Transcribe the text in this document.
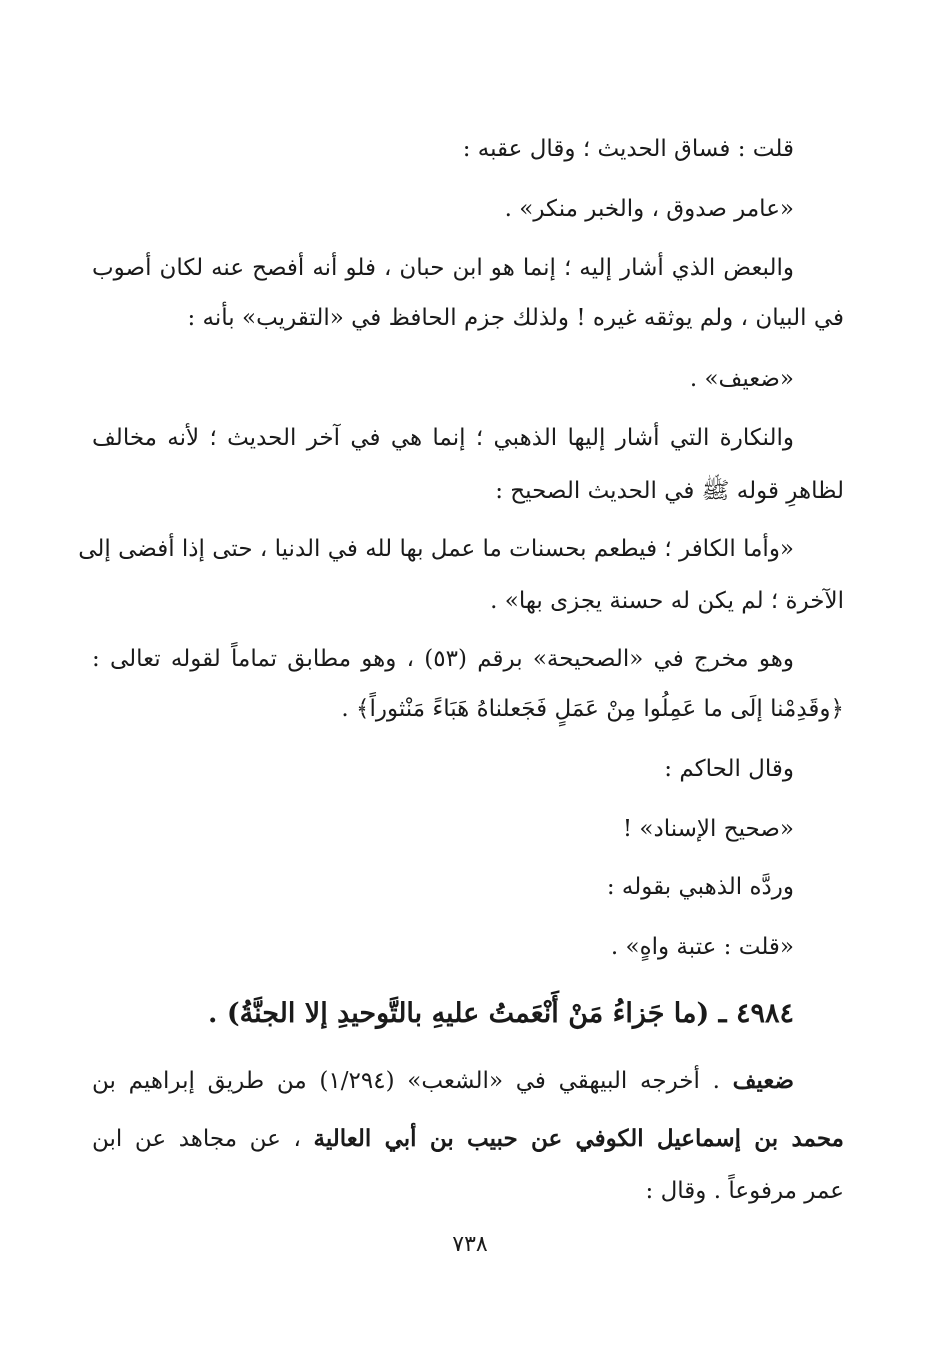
قلت : فساق الحديث ؛ وقال عقبه :
«عامر صدوق ، والخبر منكر» .
والبعض الذي أشار إليه ؛ إنما هو ابن حبان ، فلو أنه أفصح عنه لكان أصوب
في البيان ، ولم يوثقه غيره ! ولذلك جزم الحافظ في «التقريب» بأنه :
«ضعيف» .
والنكارة التي أشار إليها الذهبي ؛ إنما هي في آخر الحديث ؛ لأنه مخالف
لظاهرِ قوله ﷺ في الحديث الصحيح :
«وأما الكافر ؛ فيطعم بحسنات ما عمل بها لله في الدنيا ، حتى إذا أفضى إلى
الآخرة ؛ لم يكن له حسنة يجزى بها» .
وهو مخرج في «الصحيحة» برقم (٥٣) ، وهو مطابق تماماً لقوله تعالى :
﴿وقَدِمْنا إلَى ما عَمِلُوا مِنْ عَمَلٍ فَجَعلناهُ هَبَاءً مَنْثوراً﴾ .
وقال الحاكم :
«صحيح الإسناد» !
وردَّه الذهبي بقوله :
«قلت : عتبة واهٍ» .
٤٩٨٤ ـ (ما جَزاءُ مَنْ أَنْعَمتُ عليهِ بالتَّوحيدِ إلا الجنَّةُ) .
ضعيف . أخرجه البيهقي في «الشعب» (١/٢٩٤) من طريق إبراهيم بن
محمد بن إسماعيل الكوفي عن حبيب بن أبي العالية ، عن مجاهد عن ابن
عمر مرفوعاً . وقال :
٧٣٨
